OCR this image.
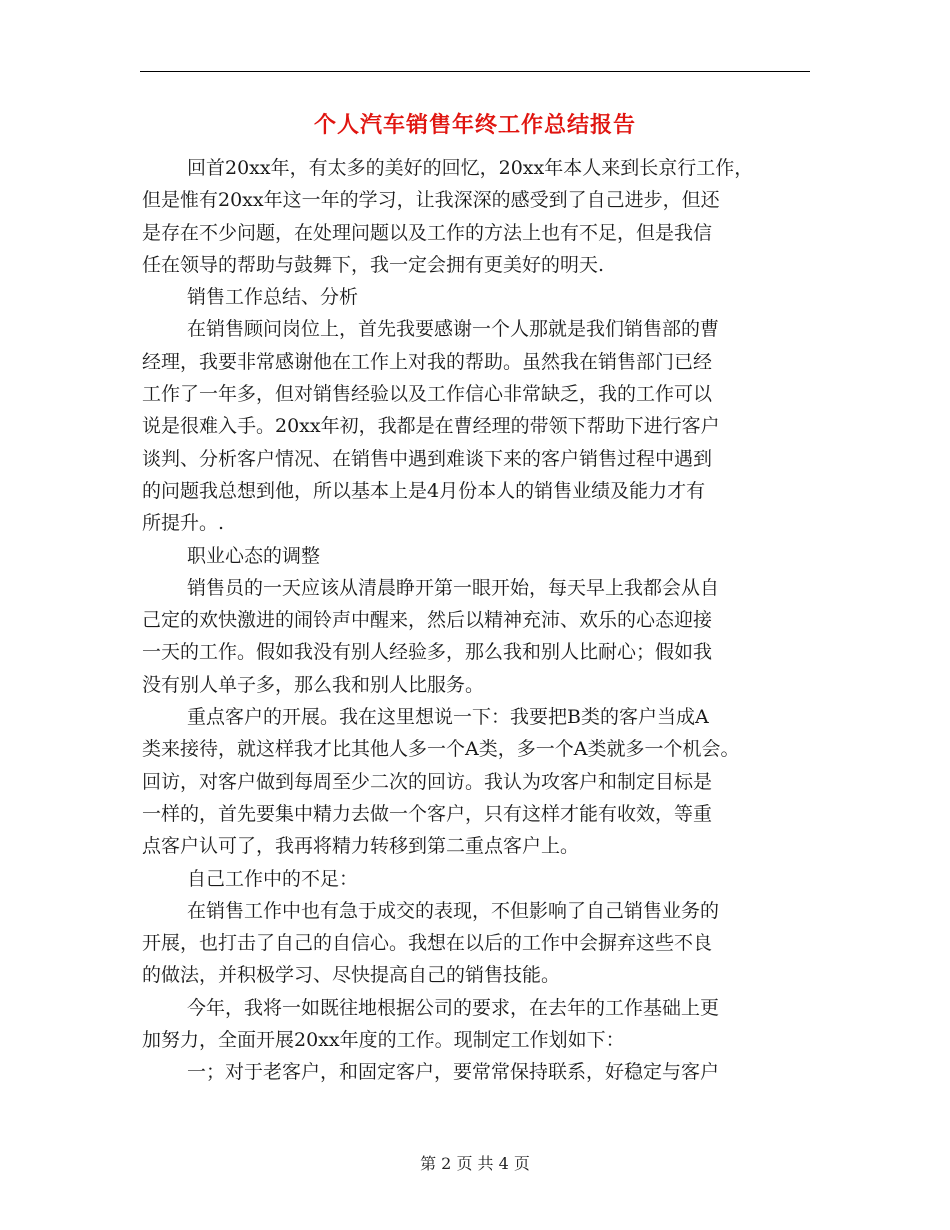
个人汽车销售年终工作总结报告
回首20xx年，有太多的美好的回忆，20xx年本人来到长京行工作，
但是惟有20xx年这一年的学习，让我深深的感受到了自己进步，但还
是存在不少问题，在处理问题以及工作的方法上也有不足，但是我信
任在领导的帮助与鼓舞下，我一定会拥有更美好的明天.
销售工作总结、分析
在销售顾问岗位上，首先我要感谢一个人那就是我们销售部的曹
经理，我要非常感谢他在工作上对我的帮助。虽然我在销售部门已经
工作了一年多，但对销售经验以及工作信心非常缺乏，我的工作可以
说是很难入手。20xx年初，我都是在曹经理的带领下帮助下进行客户
谈判、分析客户情况、在销售中遇到难谈下来的客户销售过程中遇到
的问题我总想到他，所以基本上是4月份本人的销售业绩及能力才有
所提升。.
职业心态的调整
销售员的一天应该从清晨睁开第一眼开始，每天早上我都会从自
己定的欢快激进的闹铃声中醒来，然后以精神充沛、欢乐的心态迎接
一天的工作。假如我没有别人经验多，那么我和别人比耐心；假如我
没有别人单子多，那么我和别人比服务。
重点客户的开展。我在这里想说一下：我要把B类的客户当成A
类来接待，就这样我才比其他人多一个A类，多一个A类就多一个机会。
回访，对客户做到每周至少二次的回访。我认为攻客户和制定目标是
一样的，首先要集中精力去做一个客户，只有这样才能有收效，等重
点客户认可了，我再将精力转移到第二重点客户上。
自己工作中的不足：
在销售工作中也有急于成交的表现，不但影响了自己销售业务的
开展，也打击了自己的自信心。我想在以后的工作中会摒弃这些不良
的做法，并积极学习、尽快提高自己的销售技能。
今年，我将一如既往地根据公司的要求，在去年的工作基础上更
加努力，全面开展20xx年度的工作。现制定工作划如下：
一；对于老客户，和固定客户，要常常保持联系，好稳定与客户
第 2 页 共 4 页
